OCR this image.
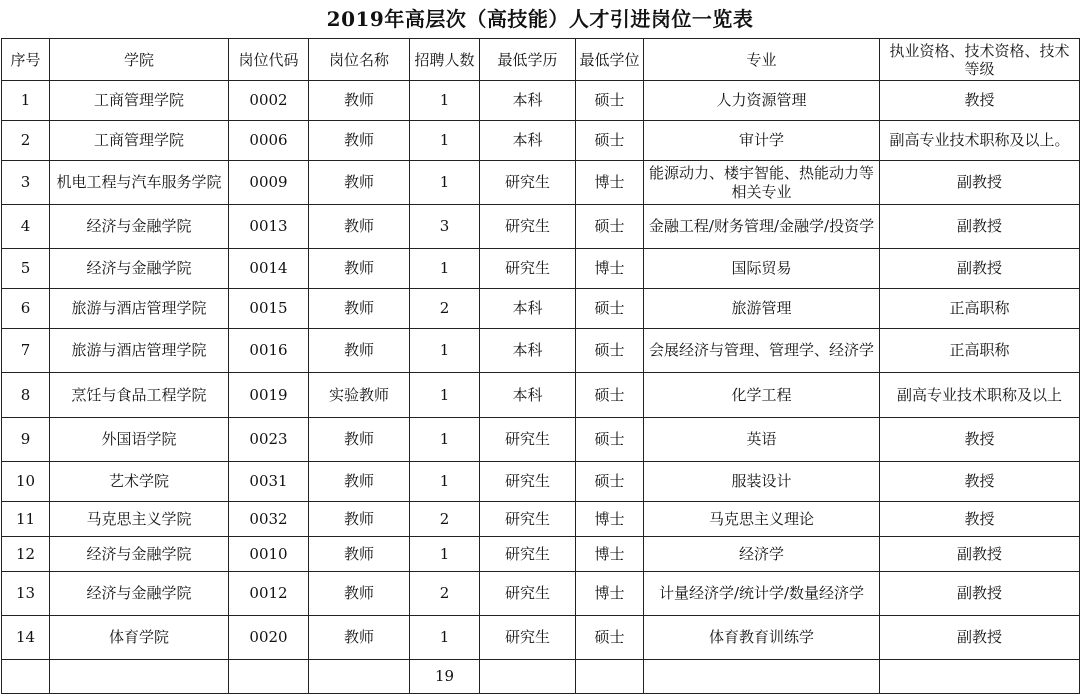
2019年高层次（高技能）人才引进岗位一览表
序号	学院	岗位代码	岗位名称	招聘人数	最低学历	最低学位	专业	执业资格、技术资格、技术等级
1	工商管理学院	0002	教师	1	本科	硕士	人力资源管理	教授
2	工商管理学院	0006	教师	1	本科	硕士	审计学	副高专业技术职称及以上。
3	机电工程与汽车服务学院	0009	教师	1	研究生	博士	能源动力、楼宇智能、热能动力等相关专业	副教授
4	经济与金融学院	0013	教师	3	研究生	硕士	金融工程/财务管理/金融学/投资学	副教授
5	经济与金融学院	0014	教师	1	研究生	博士	国际贸易	副教授
6	旅游与酒店管理学院	0015	教师	2	本科	硕士	旅游管理	正高职称
7	旅游与酒店管理学院	0016	教师	1	本科	硕士	会展经济与管理、管理学、经济学	正高职称
8	烹饪与食品工程学院	0019	实验教师	1	本科	硕士	化学工程	副高专业技术职称及以上
9	外国语学院	0023	教师	1	研究生	硕士	英语	教授
10	艺术学院	0031	教师	1	研究生	硕士	服装设计	教授
11	马克思主义学院	0032	教师	2	研究生	博士	马克思主义理论	教授
12	经济与金融学院	0010	教师	1	研究生	博士	经济学	副教授
13	经济与金融学院	0012	教师	2	研究生	博士	计量经济学/统计学/数量经济学	副教授
14	体育学院	0020	教师	1	研究生	硕士	体育教育训练学	副教授
				19				
